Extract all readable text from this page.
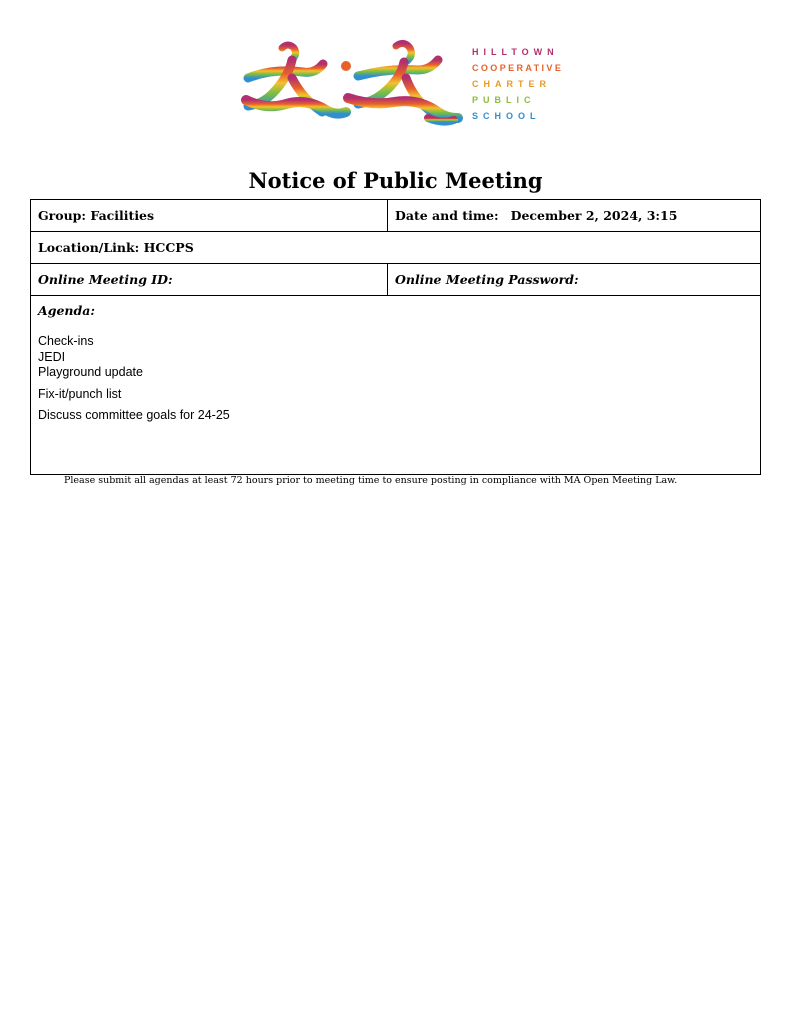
HILLTOWN
COOPERATIVE
CHARTER
PUBLIC
SCHOOL
Notice of Public Meeting
Group: Facilities	Date and time: December 2, 2024, 3:15
Location/Link: HCCPS
Online Meeting ID:	Online Meeting Password:
Agenda:
Check-ins
JEDI
Playground update
Fix-it/punch list
Discuss committee goals for 24-25
Please submit all agendas at least 72 hours prior to meeting time to ensure posting in compliance with MA Open Meeting Law.
